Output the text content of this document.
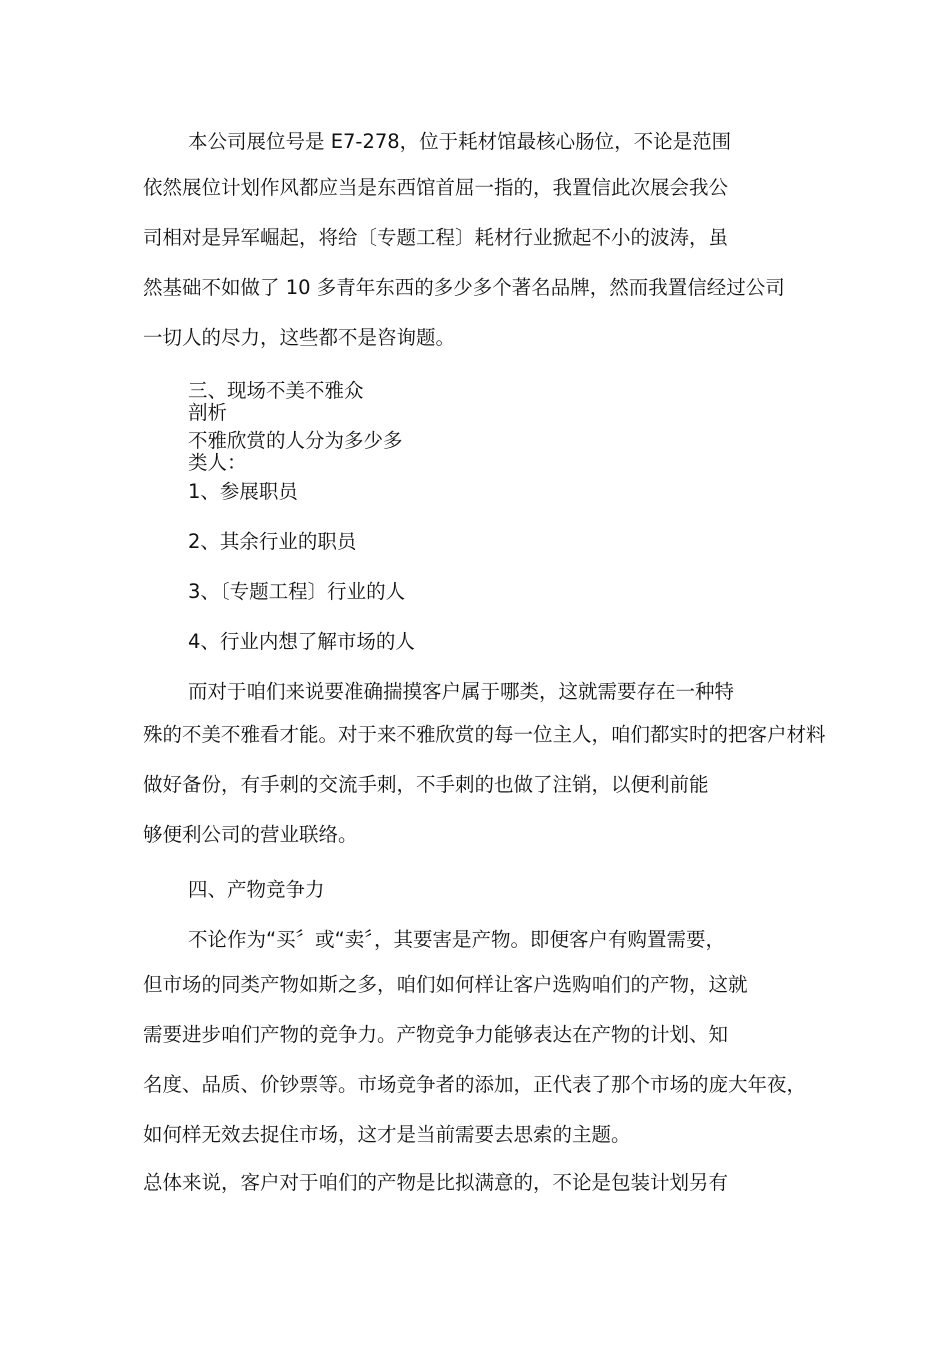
本公司展位号是 E7-278，位于耗材馆最核心肠位，不论是范围

依然展位计划作风都应当是东西馆首屈一指的，我置信此次展会我公

司相对是异军崛起，将给〔专题工程〕耗材行业掀起不小的波涛，虽

然基础不如做了 10 多青年东西的多少多个著名品牌，然而我置信经过公司

一切人的尽力，这些都不是咨询题。

三、现场不美不雅众

剖析

不雅欣赏的人分为多少多

类人：

1、参展职员

2、其余行业的职员

3、〔专题工程〕行业的人

4、行业内想了解市场的人

而对于咱们来说要准确揣摸客户属于哪类，这就需要存在一种特

殊的不美不雅看才能。对于来不雅欣赏的每一位主人，咱们都实时的把客户材料

做好备份，有手刺的交流手刺，不手刺的也做了注销，以便利前能

够便利公司的营业联络。

四、产物竞争力

不论作为“买〞或“卖〞，其要害是产物。即便客户有购置需要，

但市场的同类产物如斯之多，咱们如何样让客户选购咱们的产物，这就

需要进步咱们产物的竞争力。产物竞争力能够表达在产物的计划、知

名度、品质、价钞票等。市场竞争者的添加，正代表了那个市场的庞大年夜，

如何样无效去捉住市场，这才是当前需要去思索的主题。

总体来说，客户对于咱们的产物是比拟满意的，不论是包装计划另有
